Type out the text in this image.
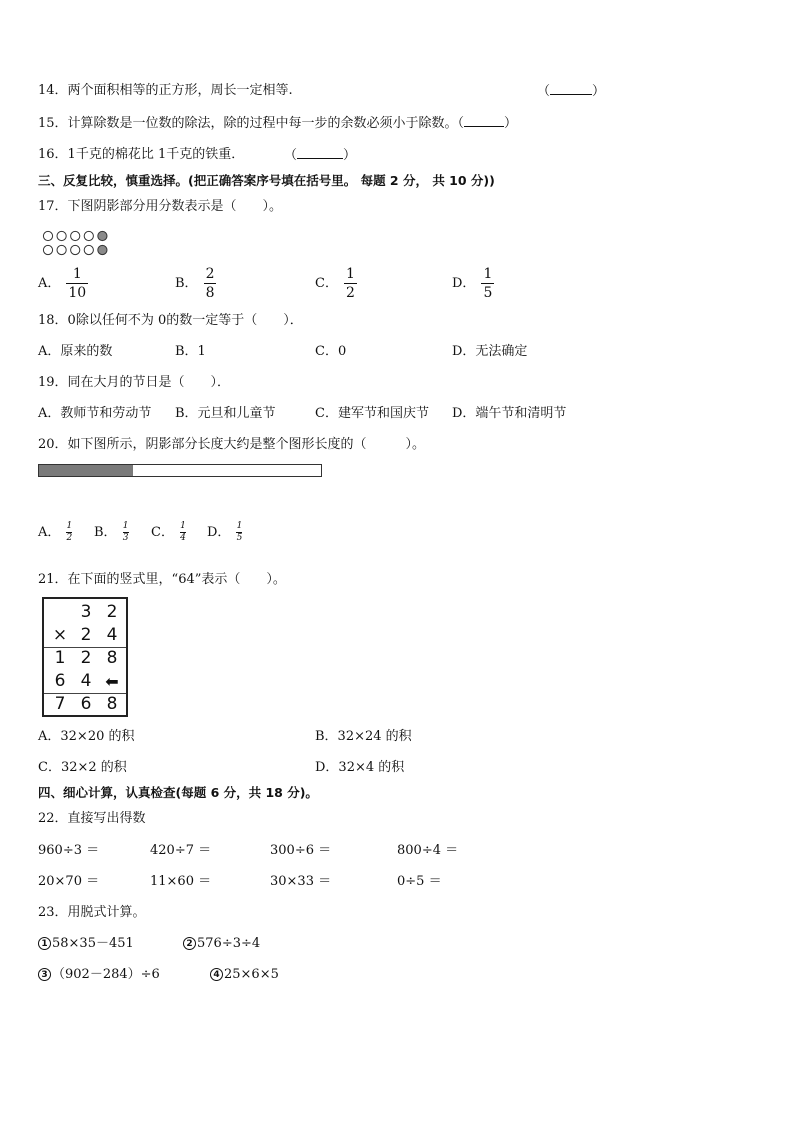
14．两个面积相等的正方形，周长一定相等.	（	）
15．计算除数是一位数的除法，除的过程中每一步的余数必须小于除数。（	）
16．1千克的棉花比 1千克的铁重．	（	）
三、反复比较，慎重选择。(把正确答案序号填在括号里。 每题 2 分， 共 10 分))
17．下图阴影部分用分数表示是（　　）。
A． $\frac{1}{10}$	B． $\frac{2}{8}$	C． $\frac{1}{2}$	D． $\frac{1}{5}$
18．0除以任何不为 0的数一定等于（　　）．
A．原来的数	B．1	C．0	D．无法确定
19．同在大月的节日是（　　）．
A．教师节和劳动节 B．元旦和儿童节	C．建军节和国庆节 D．端午节和清明节
20．如下图所示，阴影部分长度大约是整个图形长度的（　　　）。
A． $\frac{1}{2}$ B． $\frac{1}{3}$ C． $\frac{1}{4}$ D． $\frac{1}{5}$
21．在下面的竖式里，“64”表示（　　）。
3 2
× 2 4
1 2 8
6 4 ⬅
7 6 8
A．32×20 的积	B．32×24 的积
C．32×2 的积	D．32×4 的积
四、细心计算，认真检查(每题 6 分，共 18 分)。
22．直接写出得数
960÷3 ＝	420÷7 ＝	300÷6 ＝	800÷4 ＝
20×70 ＝	11×60 ＝	30×33 ＝	0÷5 ＝
23．用脱式计算。
1 58×35－451	2 576÷3÷4
3 （902－284）÷6	4 25×6×5
